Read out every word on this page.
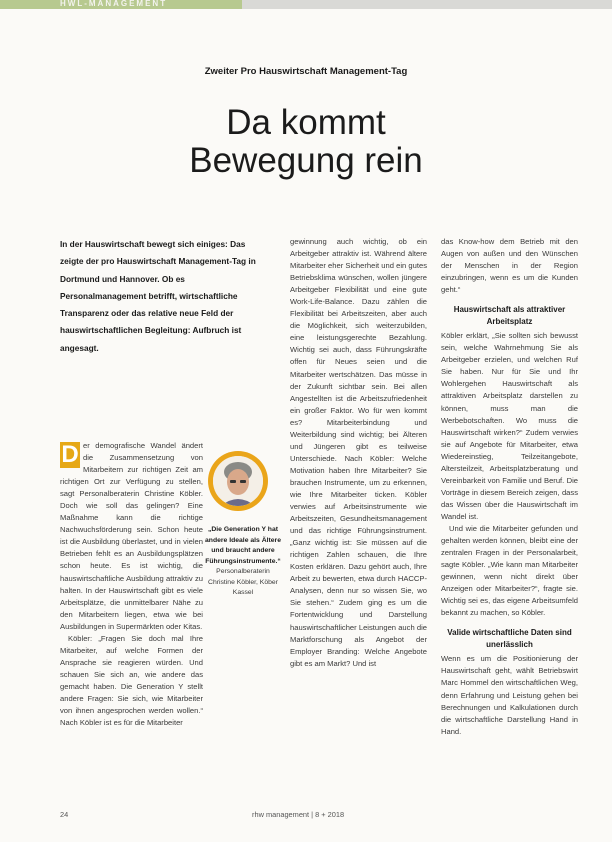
HWL-MANAGEMENT
Zweiter Pro Hauswirtschaft Management-Tag
Da kommt
Bewegung rein

In der Hauswirtschaft bewegt sich einiges: Das zeigte der pro Hauswirtschaft Management-Tag in Dortmund und Hannover. Ob es Personalmanagement betrifft, wirtschaftliche Transparenz oder das relative neue Feld der hauswirtschaftlichen Begleitung: Aufbruch ist angesagt.

D er demografische Wandel ändert die Zusammensetzung von Mitarbeitern zur richtigen Zeit am richtigen Ort zur Verfügung zu stellen, sagt Personalberaterin Christine Köbler. Doch wie soll das gelingen? Eine Maßnahme kann die richtige Nachwuchsförderung sein. Schon heute ist die Ausbildung überlastet, und in vielen Betrieben fehlt es an Ausbildungsplätzen schon heute. Es ist wichtig, die hauswirtschaftliche Ausbildung attraktiv zu halten. In der Hauswirtschaft gibt es viele Arbeitsplätze, die unmittelbarer Nähe zu den Mitarbeitern liegen, etwa wie bei Ausbildungen in Supermärkten oder Kitas.

Köbler: „Fragen Sie doch mal Ihre Mitarbeiter, auf welche Formen der Ansprache sie reagieren würden. Und schauen Sie sich an, wie andere das gemacht haben. Die Generation Y stellt andere Fragen: Sie sich, wie Mitarbeiter von ihnen angesprochen werden wollen.“ Nach Köbler ist es für die Mitarbeiter

„Die Generation Y hat andere Ideale als Ältere und braucht andere Führungsinstrumente.“
Personalberaterin Christine Köbler, Köber Kassel

gewinnung auch wichtig, ob ein Arbeitgeber attraktiv ist. Während ältere Mitarbeiter eher Sicherheit und ein gutes Betriebsklima wünschen, wollen jüngere Arbeitgeber Flexibilität und eine gute Work-Life-Balance. Dazu zählen die Flexibilität bei Arbeitszeiten, aber auch die Möglichkeit, sich weiterzubilden, eine leistungsgerechte Bezahlung. Wichtig sei auch, dass Führungskräfte offen für Neues seien und die Mitarbeiter wertschätzen. Das müsse in der Zukunft sichtbar sein. Bei allen Angestellten ist die Arbeitszufriedenheit ein großer Faktor. Wo für wen kommt es? Mitarbeiterbindung und Weiterbildung sind wichtig; bei Älteren und Jüngeren gibt es teilweise Unterschiede. Nach Köbler: Welche Motivation haben Ihre Mitarbeiter? Sie brauchen Instrumente, um zu erkennen, wie Ihre Mitarbeiter ticken. Köbler verwies auf Arbeitsinstrumente wie Arbeitszeiten, Gesundheitsmanagement und das richtige Führungsinstrument. „Ganz wichtig ist: Sie müssen auf die richtigen Zahlen schauen, die Ihre Kosten erklären. Dazu gehört auch, Ihre Arbeit zu bewerten, etwa durch HACCP-Analysen, denn nur so wissen Sie, wo Sie stehen.“ Zudem ging es um die Fortentwicklung und Darstellung hauswirtschaftlicher Leistungen auch die Marktforschung als Angebot der Employer Branding: Welche Angebote gibt es am Markt? Und ist

das Know-how dem Betrieb mit den Augen von außen und den Wünschen der Menschen in der Region einzubringen, wenn es um die Kunden geht.“

Hauswirtschaft als attraktiver Arbeitsplatz

Köbler erklärt, „Sie sollten sich bewusst sein, welche Wahrnehmung Sie als Arbeitgeber erzielen, und welchen Ruf Sie haben. Nur für Sie und Ihr Wohlergehen Hauswirtschaft als attraktiven Arbeitsplatz darstellen zu können, muss man die Werbebotschaften. Wo muss die Hauswirtschaft wirken?“ Zudem verwies sie auf Angebote für Mitarbeiter, etwa Wiedereinstieg, Teilzeitangebote, Altersteilzeit, Arbeitsplatzberatung und Vereinbarkeit von Familie und Beruf. Die Vorträge in diesem Bereich zeigen, dass das Wissen über die Hauswirtschaft im Wandel ist.

Und wie die Mitarbeiter gefunden und gehalten werden können, bleibt eine der zentralen Fragen in der Personalarbeit, sagte Köbler. „Wie kann man Mitarbeiter gewinnen, wenn nicht direkt über Anzeigen oder Mitarbeiter?“, fragte sie. Wichtig sei es, das eigene Arbeitsumfeld bekannt zu machen, so Köbler.

Valide wirtschaftliche Daten sind unerlässlich

Wenn es um die Positionierung der Hauswirtschaft geht, wählt Betriebswirt Marc Hommel den wirtschaftlichen Weg, denn Erfahrung und Leistung gehen bei Berechnungen und Kalkulationen durch die wirtschaftliche Darstellung Hand in Hand.

24	rhw management | 8 + 2018
